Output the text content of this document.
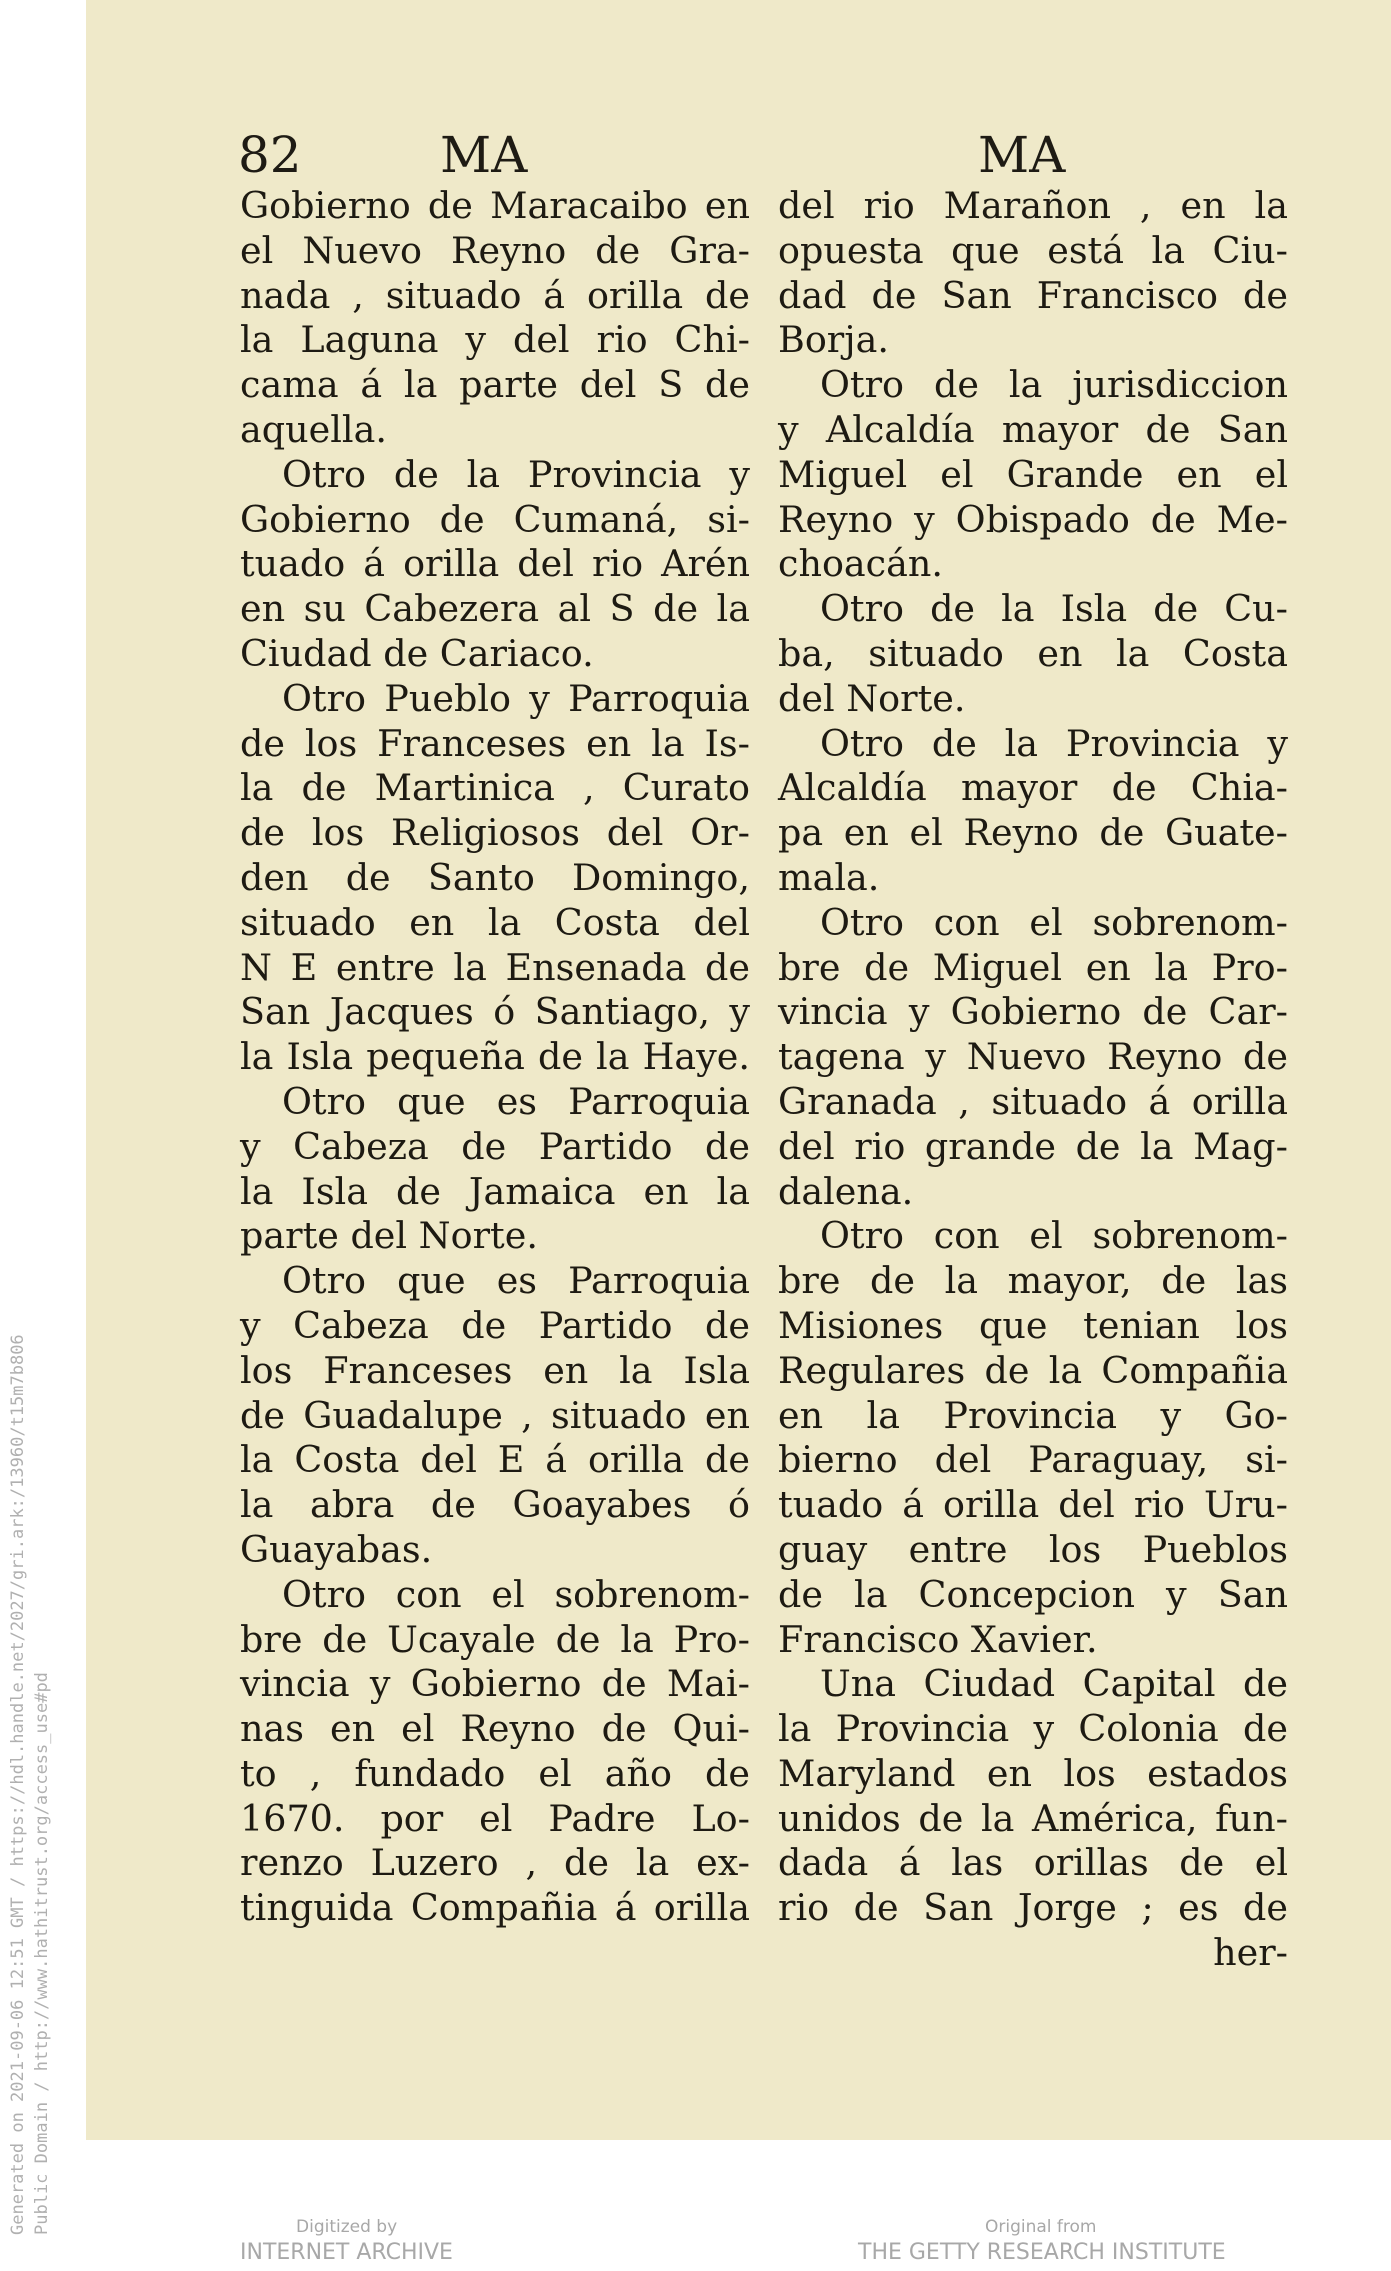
82	MA	MA
Gobierno de Maracaibo en
el Nuevo Reyno de Gra-
nada , situado á orilla de
la Laguna y del rio Chi-
cama á la parte del S de
aquella.
Otro de la Provincia y
Gobierno de Cumaná, si-
tuado á orilla del rio Arén
en su Cabezera al S de la
Ciudad de Cariaco.
Otro Pueblo y Parroquia
de los Franceses en la Is-
la de Martinica , Curato
de los Religiosos del Or-
den de Santo Domingo,
situado en la Costa del
N E entre la Ensenada de
San Jacques ó Santiago, y
la Isla pequeña de la Haye.
Otro que es Parroquia
y Cabeza de Partido de
la Isla de Jamaica en la
parte del Norte.
Otro que es Parroquia
y Cabeza de Partido de
los Franceses en la Isla
de Guadalupe , situado en
la Costa del E á orilla de
la abra de Goayabes ó
Guayabas.
Otro con el sobrenom-
bre de Ucayale de la Pro-
vincia y Gobierno de Mai-
nas en el Reyno de Qui-
to , fundado el año de
1670. por el Padre Lo-
renzo Luzero , de la ex-
tinguida Compañia á orilla
del rio Marañon , en la
opuesta que está la Ciu-
dad de San Francisco de
Borja.
Otro de la jurisdiccion
y Alcaldía mayor de San
Miguel el Grande en el
Reyno y Obispado de Me-
choacán.
Otro de la Isla de Cu-
ba, situado en la Costa
del Norte.
Otro de la Provincia y
Alcaldía mayor de Chia-
pa en el Reyno de Guate-
mala.
Otro con el sobrenom-
bre de Miguel en la Pro-
vincia y Gobierno de Car-
tagena y Nuevo Reyno de
Granada , situado á orilla
del rio grande de la Mag-
dalena.
Otro con el sobrenom-
bre de la mayor, de las
Misiones que tenian los
Regulares de la Compañia
en la Provincia y Go-
bierno del Paraguay, si-
tuado á orilla del rio Uru-
guay entre los Pueblos
de la Concepcion y San
Francisco Xavier.
Una Ciudad Capital de
la Provincia y Colonia de
Maryland en los estados
unidos de la América, fun-
dada á las orillas de el
rio de San Jorge ; es de
her-
Generated on 2021-09-06 12:51 GMT / https://hdl.handle.net/2027/gri.ark:/13960/t15m7b806 Public Domain / http://www.hathitrust.org/access_use#pd	Digitized by
INTERNET ARCHIVE
Original from
THE GETTY RESEARCH INSTITUTE
